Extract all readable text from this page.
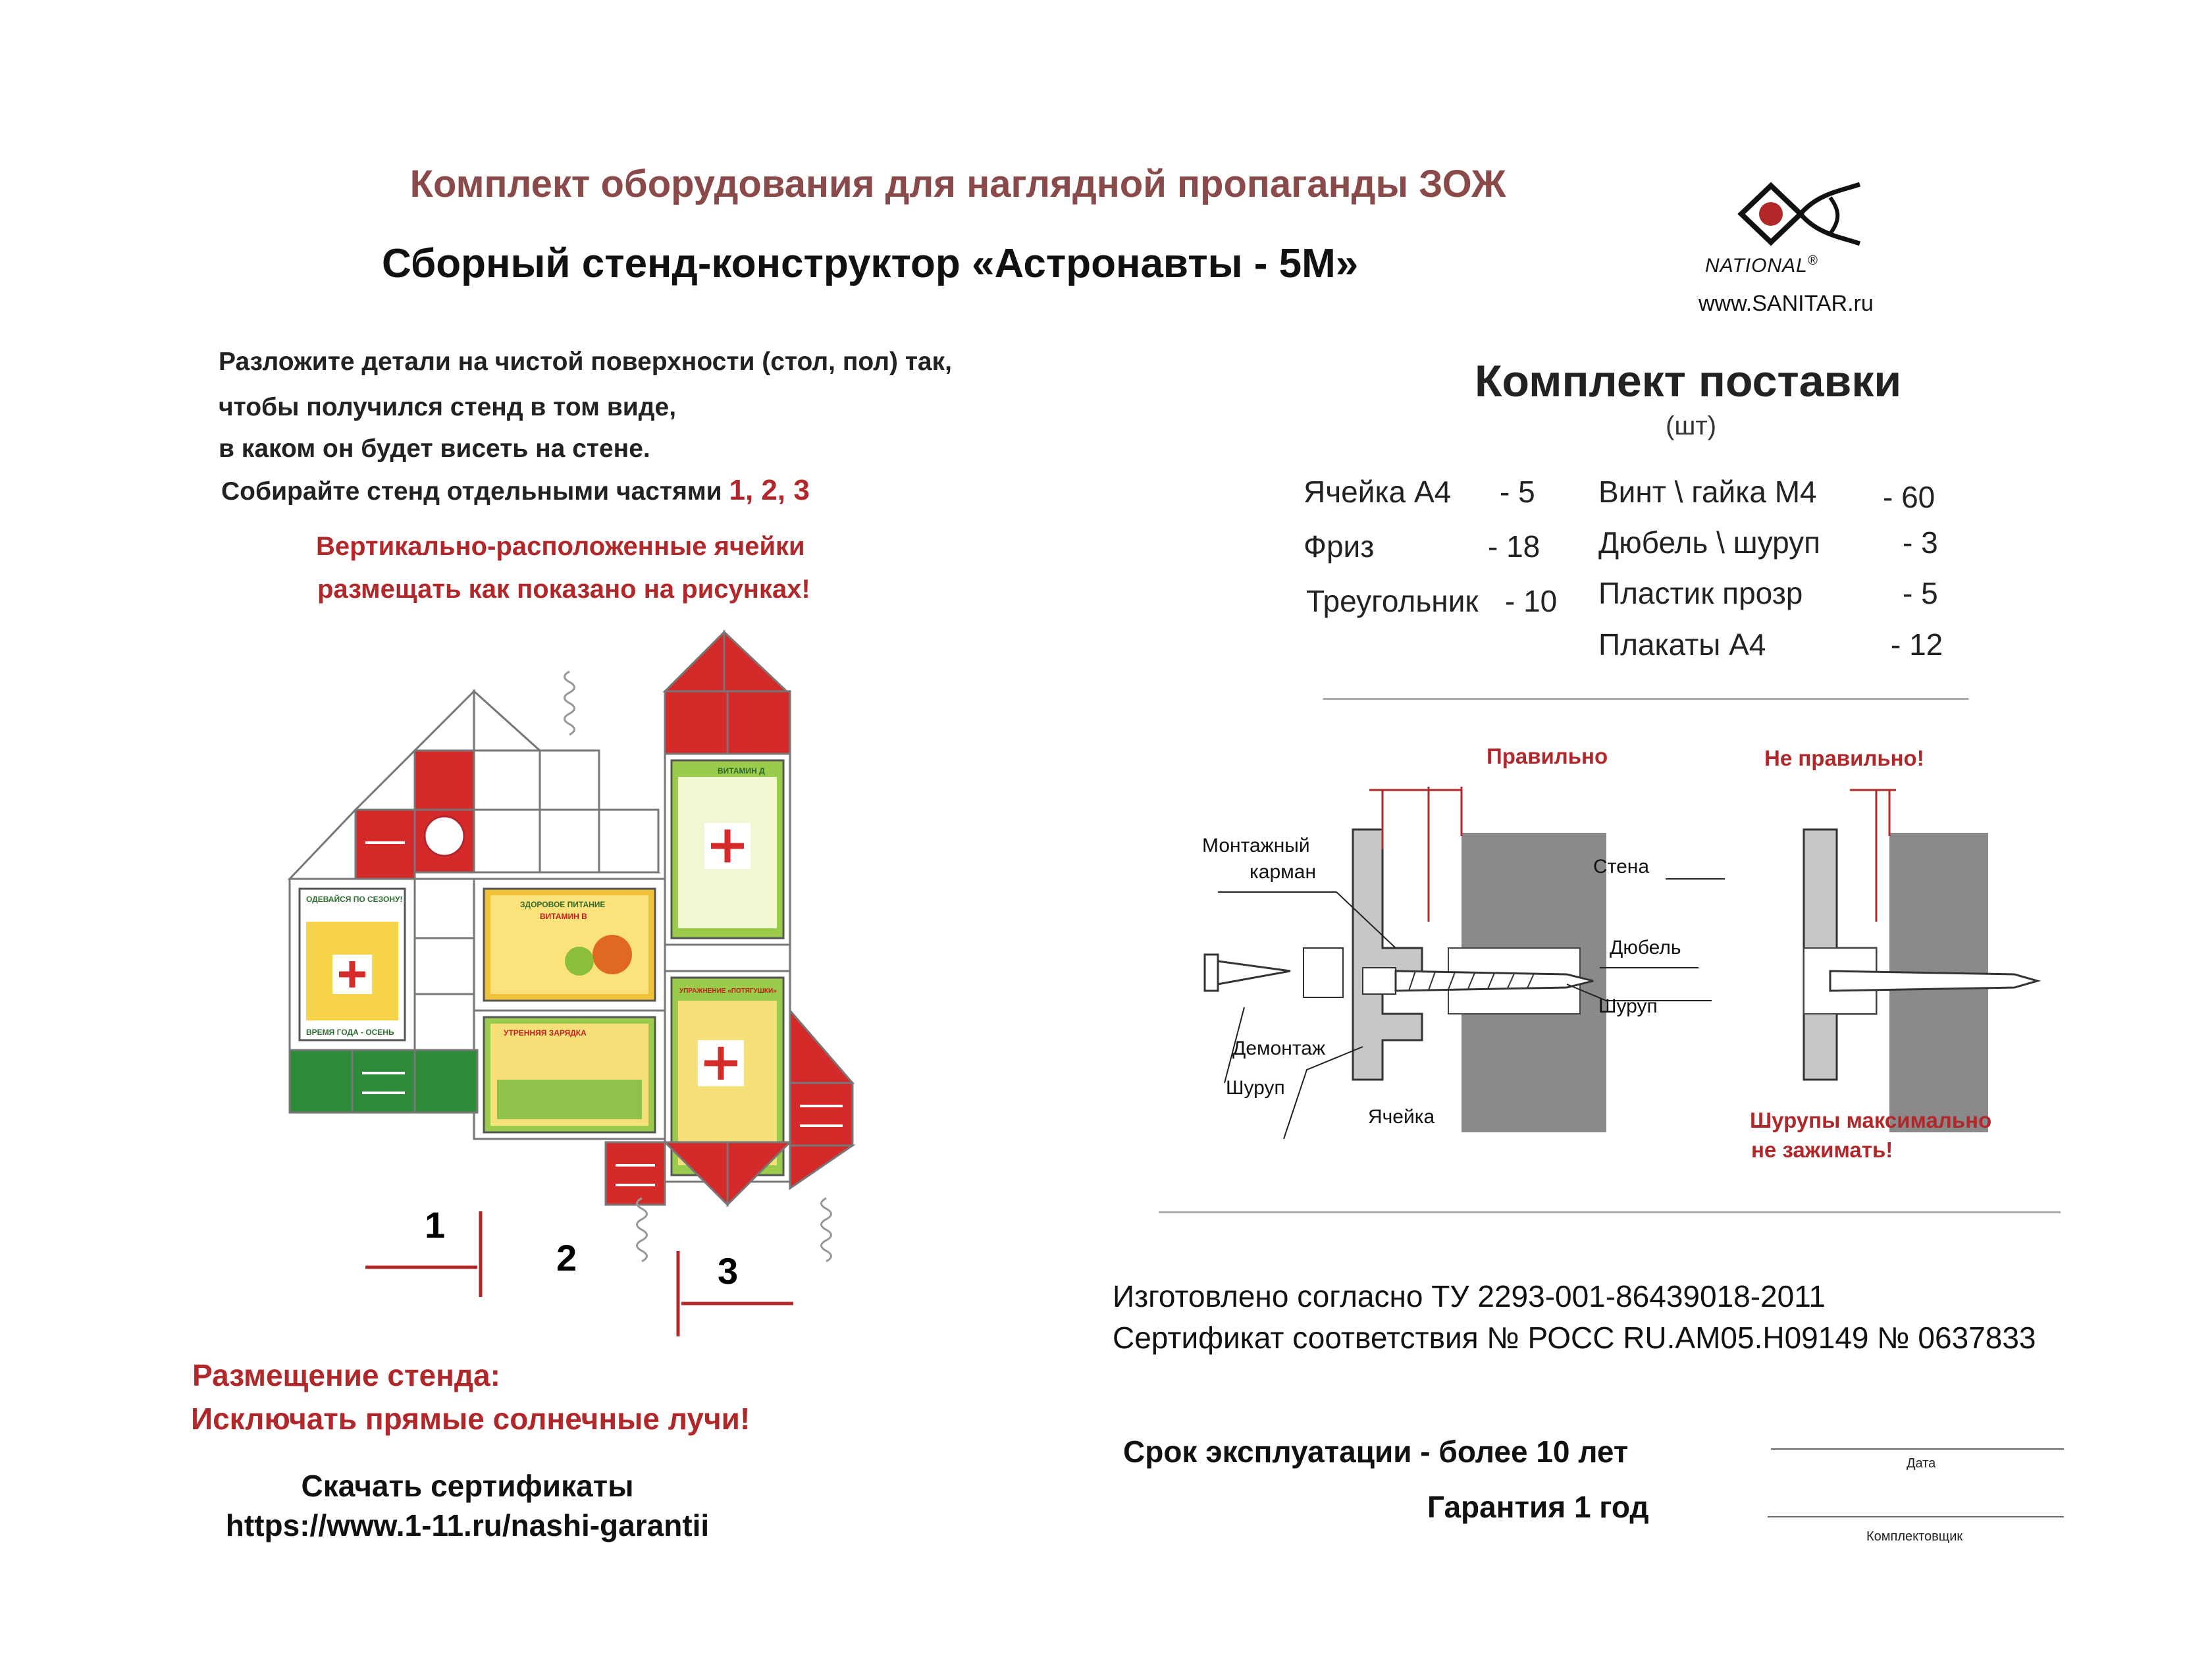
Комплект оборудования для наглядной пропаганды ЗОЖ
Сборный стенд-конструктор «Астронавты - 5М»	NATIONAL®
www.SANITAR.ru
Разложите детали на чистой поверхности (стол, пол) так,
чтобы получился стенд в том виде,
в каком он будет висеть на стене.
Собирайте стенд отдельными частями 1, 2, 3
Вертикально-расположенные ячейки
размещать как показано на рисунках!
ОДЕВАЙСЯ ПО СЕЗОНУ!
ВРЕМЯ ГОДА - ОСЕНЬ
ЗДОРОВОЕ ПИТАНИЕ
ВИТАМИН B
УТРЕННЯЯ ЗАРЯДКА
ВИТАМИН Д
УПРАЖНЕНИЕ «ПОТЯГУШКИ»
1
2	3
Размещение стенда:
Исключать прямые солнечные лучи!
Скачать сертификаты
https://www.1-11.ru/nashi-garantii
Комплект поставки
(шт)
Ячейка А4 - 5
Фриз	- 18
Треугольник - 10
Винт \ гайка М4 - 60
Дюбель \ шуруп	- 3
Пластик прозр	- 5
Плакаты А4	- 12
Правильно	Не правильно!
Монтажный
карман	Стена
Дюбель
Шуруп
Демонтаж
Шуруп
Ячейка	Шурупы максимально
не зажимать!
Изготовлено согласно ТУ 2293-001-86439018-2011
Сертификат соответствия № РОСС RU.АМ05.Н09149 № 0637833
Срок эксплуатации - более 10 лет
Гарантия 1 год
Дата
Комплектовщик
